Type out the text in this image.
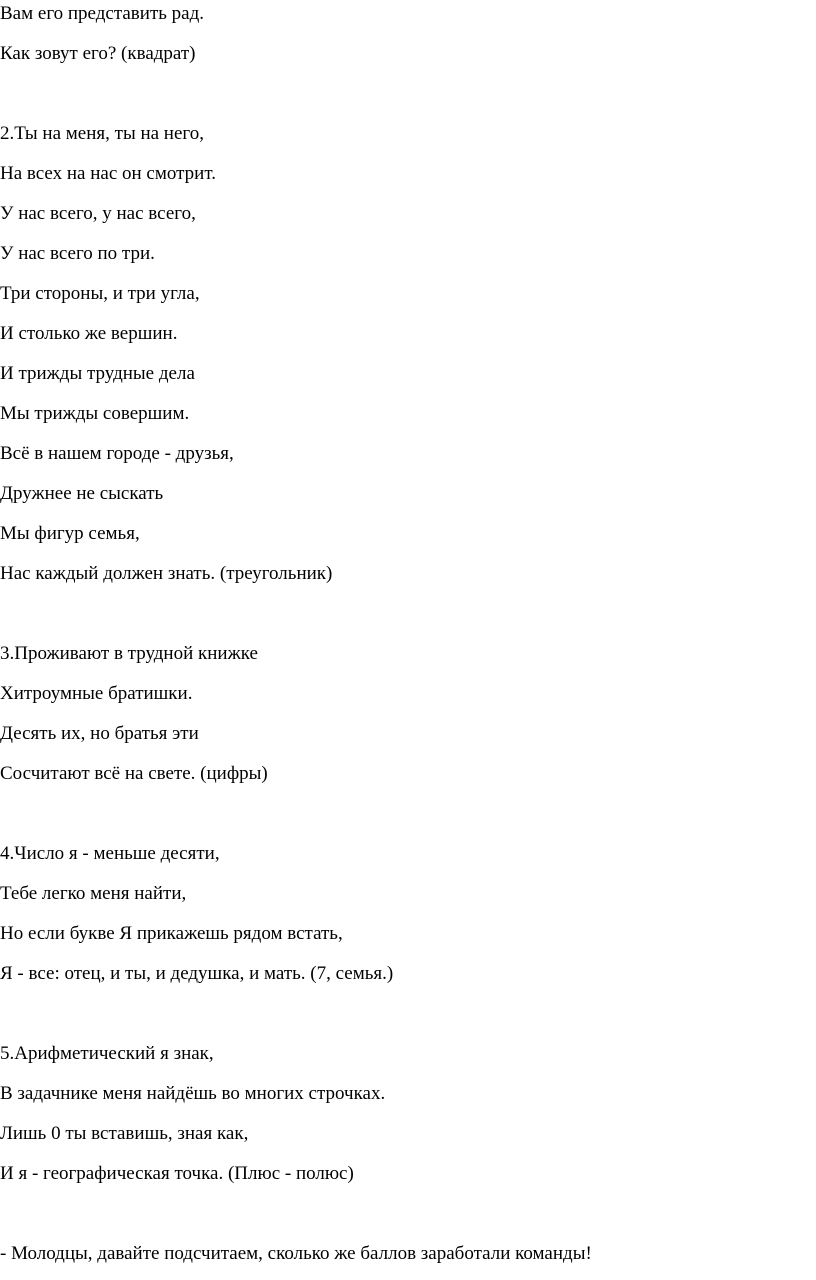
Вам его представить рад.
Как зовут его? (квадрат)
2.Ты на меня, ты на него,
На всех на нас он смотрит.
У нас всего, у нас всего,
У нас всего по три.
Три стороны, и три угла,
И столько же вершин.
И трижды трудные дела
Мы трижды совершим.
Всё в нашем городе - друзья,
Дружнее не сыскать
Мы фигур семья,
Нас каждый должен знать. (треугольник)
3.Проживают в трудной книжке
Хитроумные братишки.
Десять их, но братья эти
Сосчитают всё на свете. (цифры)
4.Число я - меньше десяти,
Тебе легко меня найти,
Но если букве Я прикажешь рядом встать,
Я - все: отец, и ты, и дедушка, и мать. (7, семья.)
5.Арифметический я знак,
В задачнике меня найдёшь во многих строчках.
Лишь 0 ты вставишь, зная как,
И я - географическая точка. (Плюс - полюс)
- Молодцы, давайте подсчитаем, сколько же баллов заработали команды!
